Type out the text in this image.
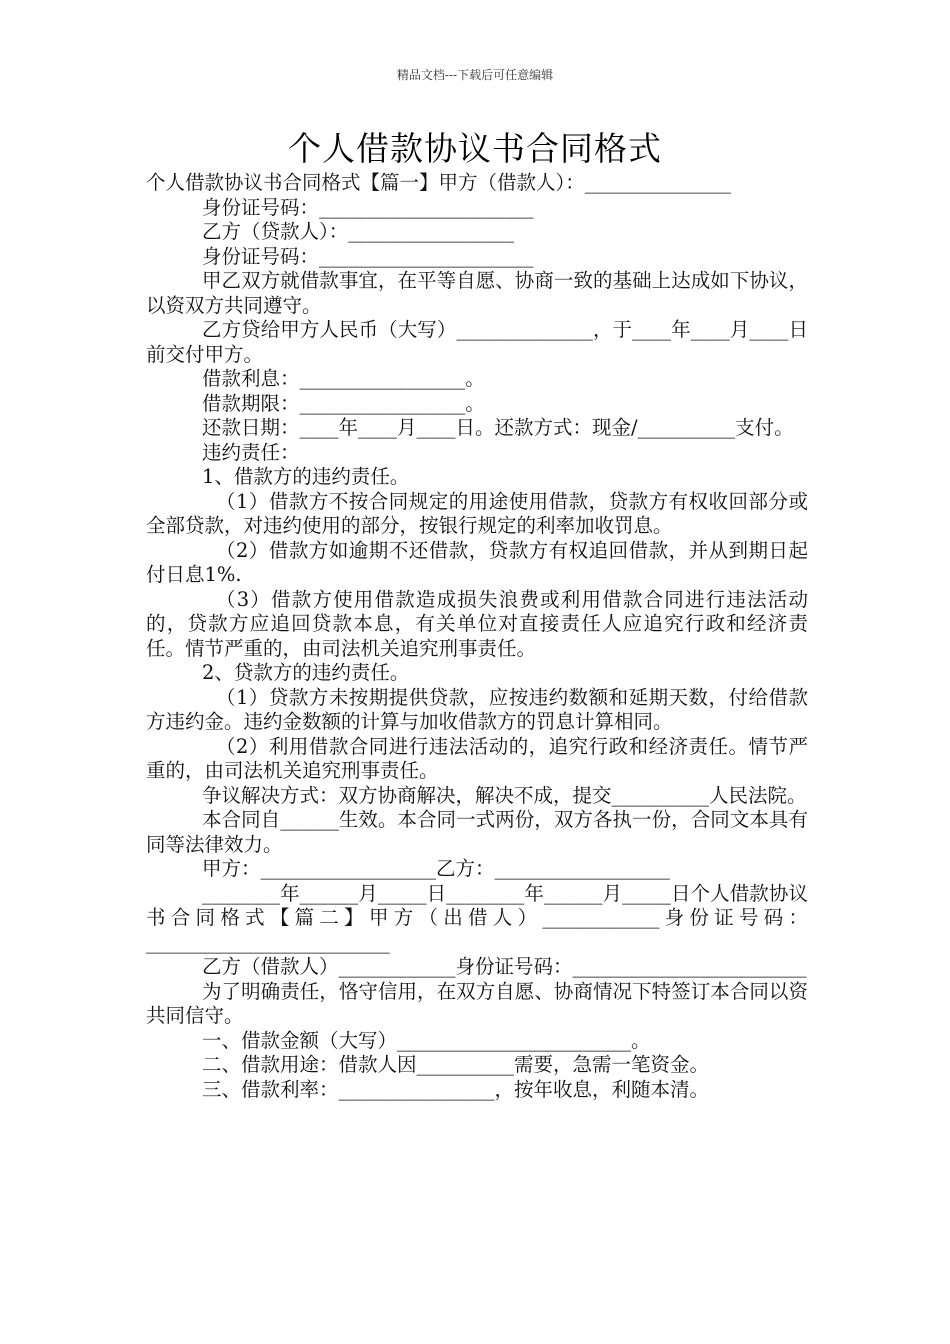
精品文档---下载后可任意编辑
个人借款协议书合同格式

个人借款协议书合同格式【篇一】甲方（借款人）：_______________

身份证号码：______________________

乙方（贷款人）：_________________

身份证号码：______________________

甲乙双方就借款事宜，在平等自愿、协商一致的基础上达成如下协议，以资双方共同遵守。

乙方贷给甲方人民币（大写）______________，于____年____月____日前交付甲方。

借款利息：_________________。

借款期限：_________________。

还款日期：____年____月____日。还款方式：现金/__________支付。

违约责任：

1、借款方的违约责任。

（1）借款方不按合同规定的用途使用借款，贷款方有权收回部分或全部贷款，对违约使用的部分，按银行规定的利率加收罚息。

（2）借款方如逾期不还借款，贷款方有权追回借款，并从到期日起付日息1%.

（3）借款方使用借款造成损失浪费或利用借款合同进行违法活动的，贷款方应追回贷款本息，有关单位对直接责任人应追究行政和经济责任。情节严重的，由司法机关追究刑事责任。

2、贷款方的违约责任。

（1）贷款方未按期提供贷款，应按违约数额和延期天数，付给借款方违约金。违约金数额的计算与加收借款方的罚息计算相同。

（2）利用借款合同进行违法活动的，追究行政和经济责任。情节严重的，由司法机关追究刑事责任。

争议解决方式：双方协商解决，解决不成，提交__________人民法院。

本合同自______生效。本合同一式两份，双方各执一份，合同文本具有同等法律效力。

甲方：__________________乙方：__________________

________年______月_____日________年______月_____日个人借款协议书合同格式【篇二】甲方（出借人）____________身份证号码：_________________________

乙方（借款人）____________身份证号码：________________________

为了明确责任，恪守信用，在双方自愿、协商情况下特签订本合同以资共同信守。

一、借款金额（大写）________________________。

二、借款用途：借款人因__________需要，急需一笔资金。

三、借款利率：________________，按年收息，利随本清。
